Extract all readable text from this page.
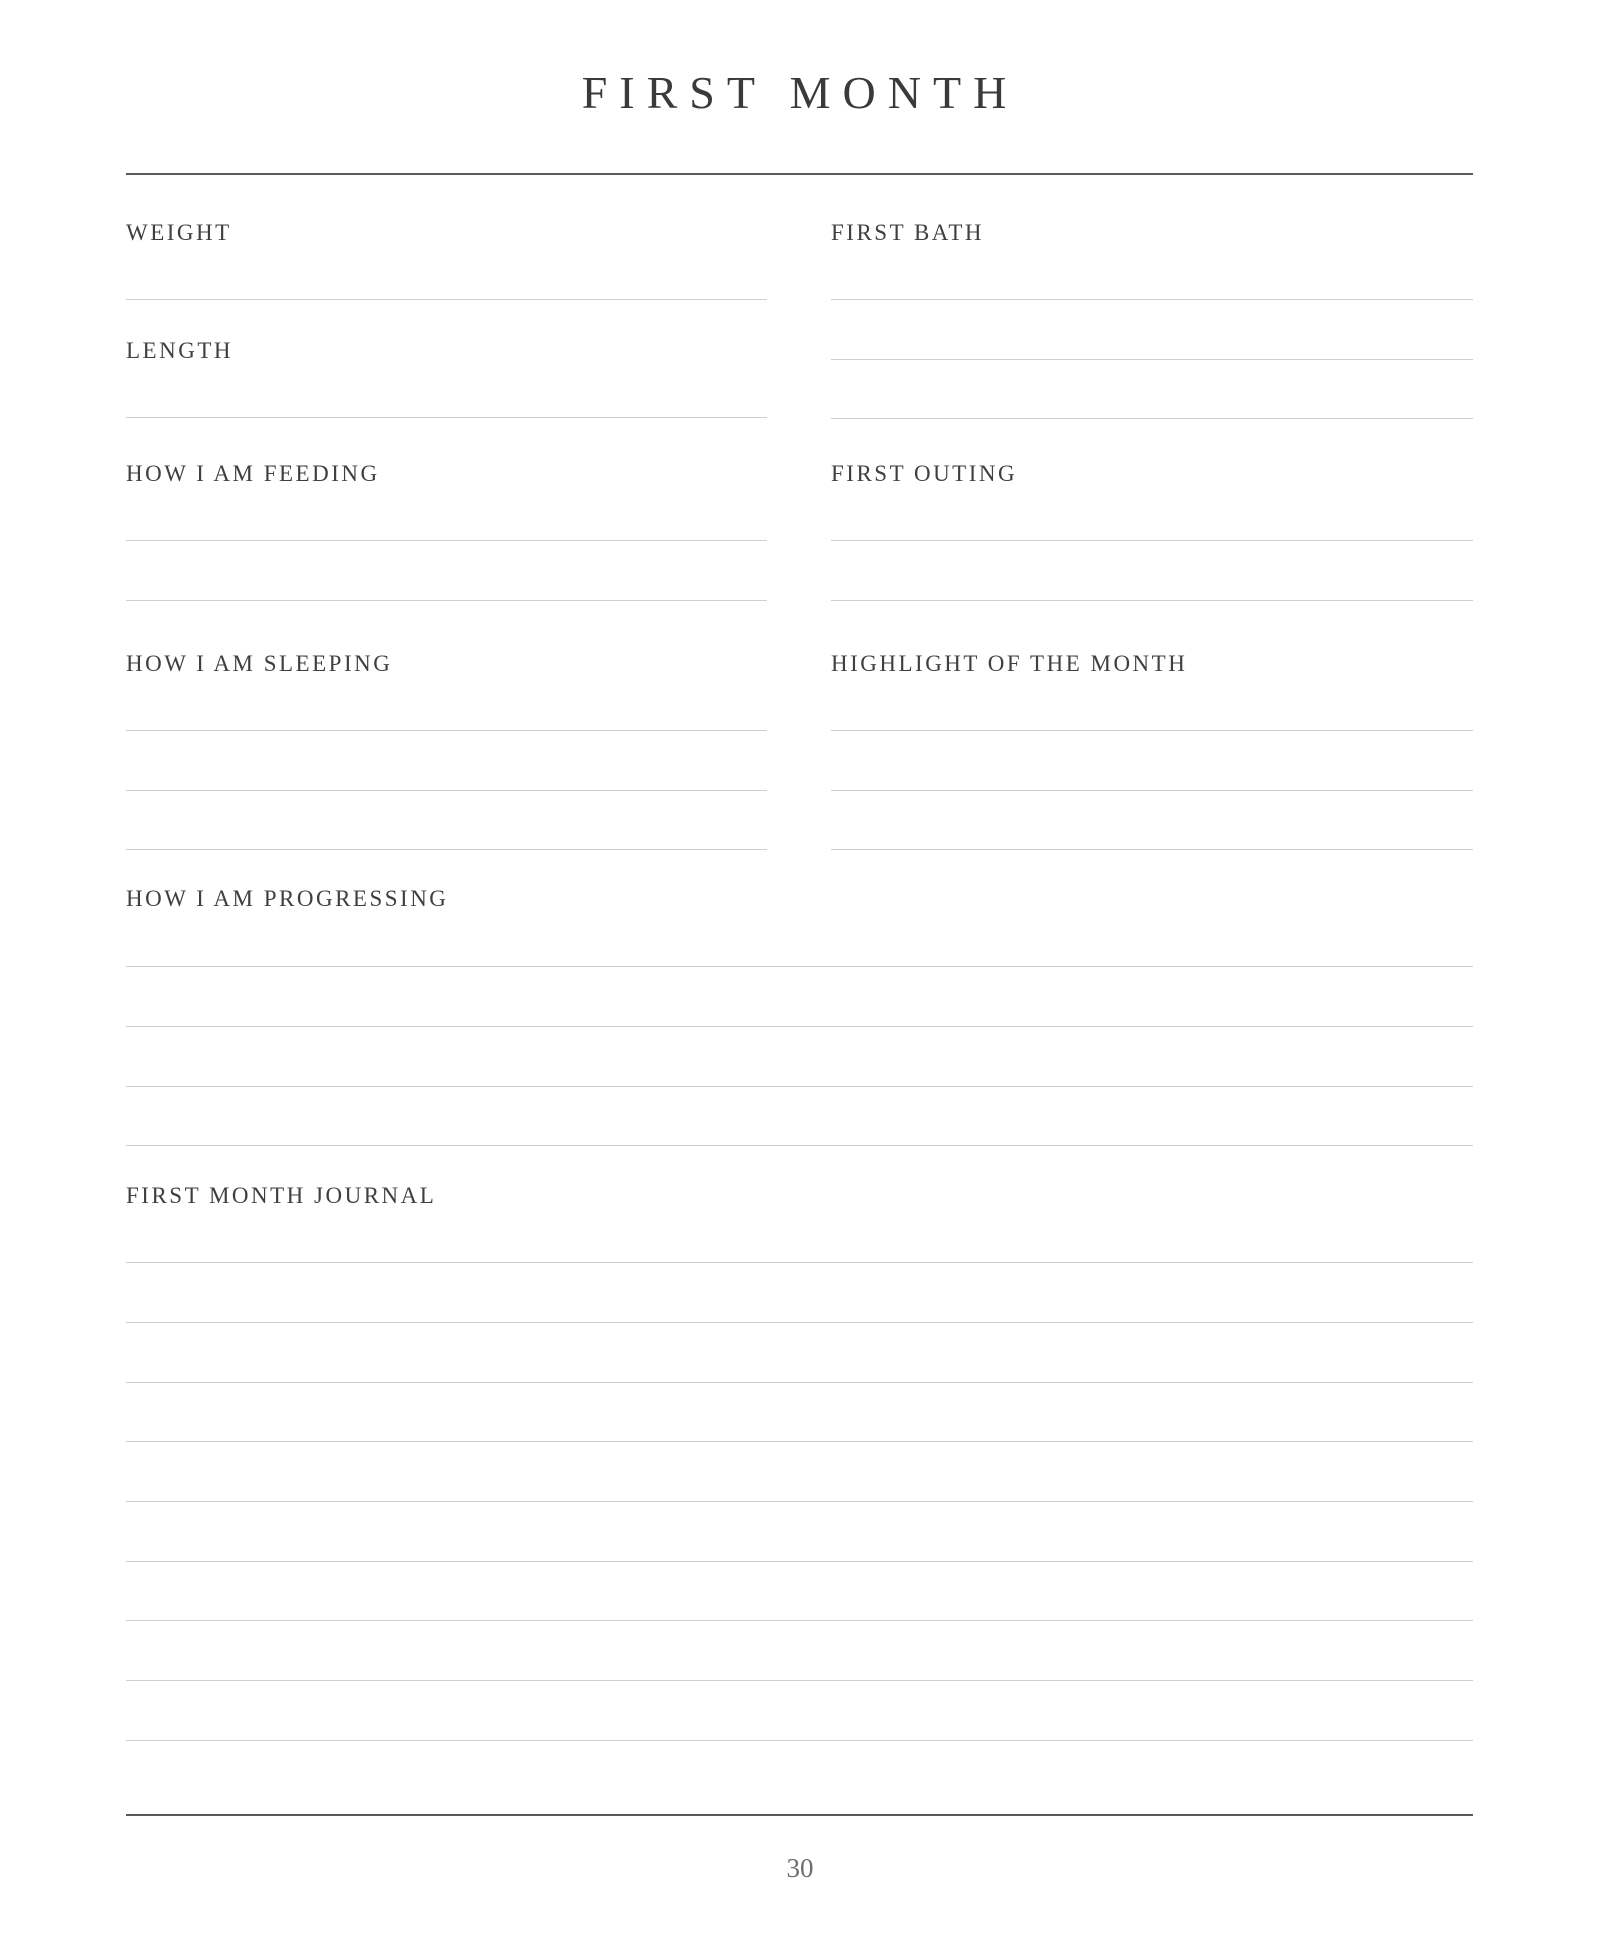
FIRST MONTH
WEIGHT
LENGTH
HOW I AM FEEDING
HOW I AM SLEEPING
FIRST BATH
FIRST OUTING
HIGHLIGHT OF THE MONTH
HOW I AM PROGRESSING
FIRST MONTH JOURNAL
30
